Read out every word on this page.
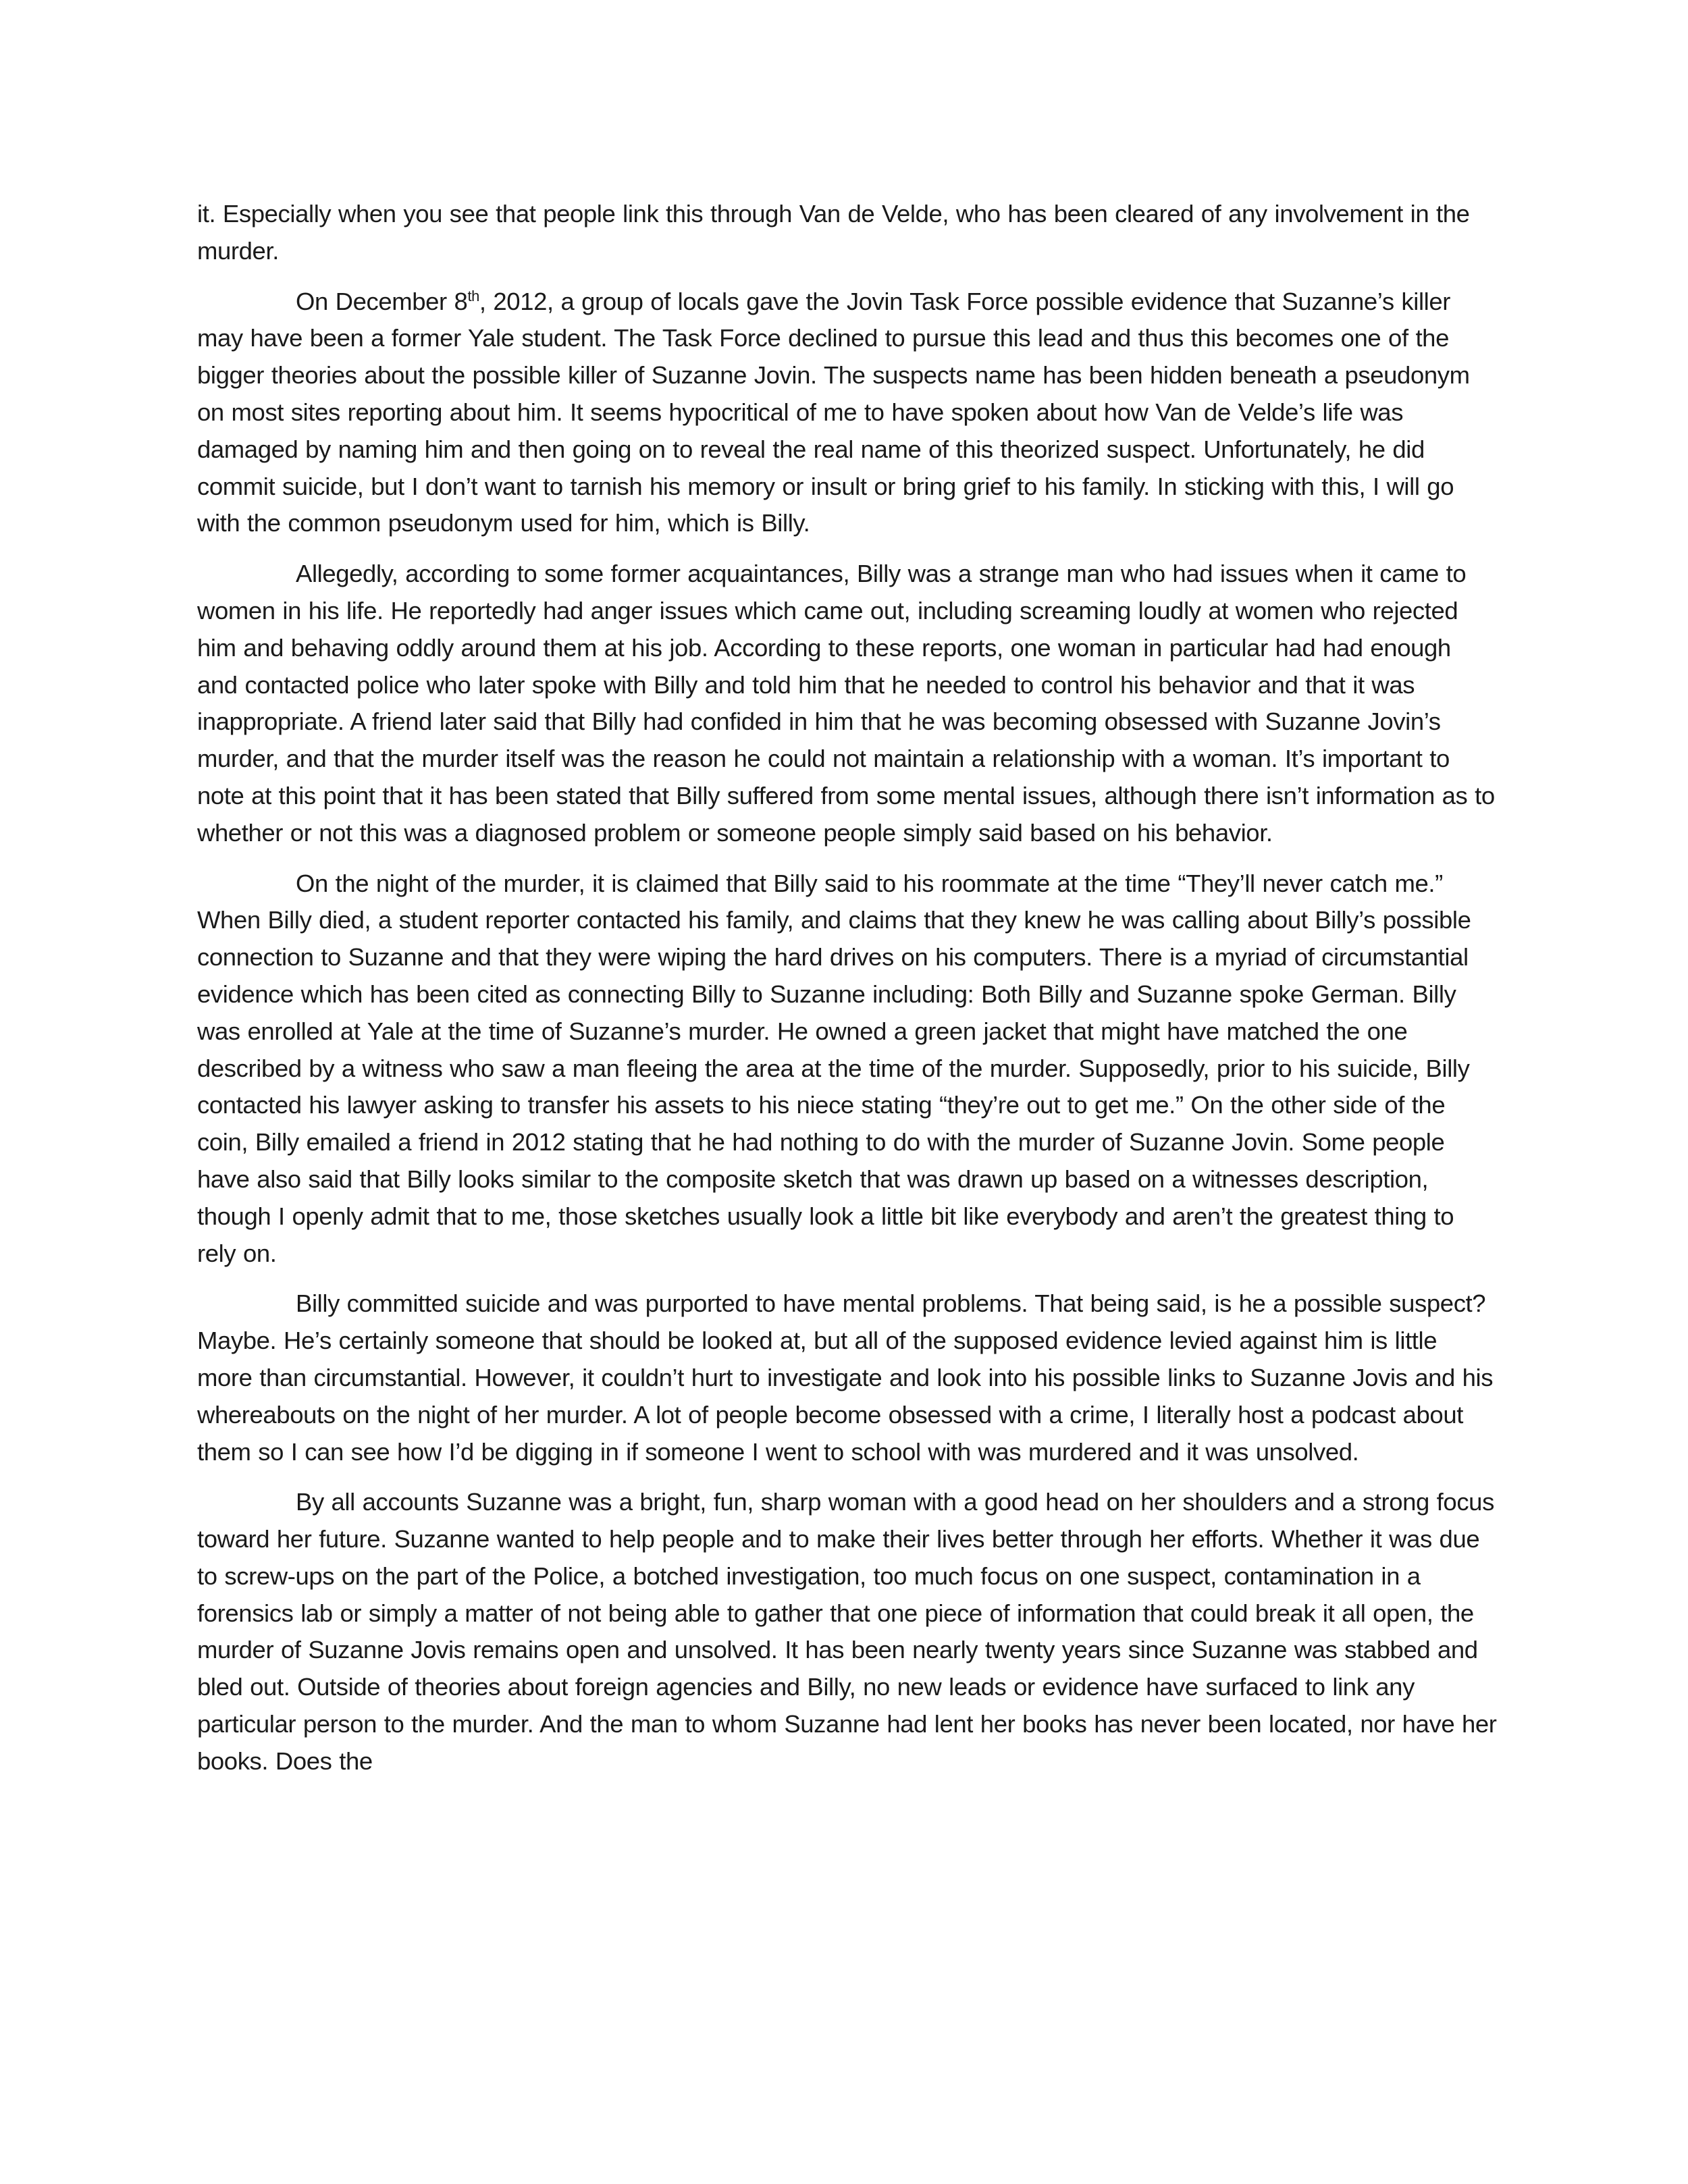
it. Especially when you see that people link this through Van de Velde, who has been cleared of any involvement in the murder.

On December 8th, 2012, a group of locals gave the Jovin Task Force possible evidence that Suzanne’s killer may have been a former Yale student. The Task Force declined to pursue this lead and thus this becomes one of the bigger theories about the possible killer of Suzanne Jovin. The suspects name has been hidden beneath a pseudonym on most sites reporting about him. It seems hypocritical of me to have spoken about how Van de Velde’s life was damaged by naming him and then going on to reveal the real name of this theorized suspect. Unfortunately, he did commit suicide, but I don’t want to tarnish his memory or insult or bring grief to his family. In sticking with this, I will go with the common pseudonym used for him, which is Billy.

Allegedly, according to some former acquaintances, Billy was a strange man who had issues when it came to women in his life. He reportedly had anger issues which came out, including screaming loudly at women who rejected him and behaving oddly around them at his job. According to these reports, one woman in particular had had enough and contacted police who later spoke with Billy and told him that he needed to control his behavior and that it was inappropriate. A friend later said that Billy had confided in him that he was becoming obsessed with Suzanne Jovin’s murder, and that the murder itself was the reason he could not maintain a relationship with a woman. It’s important to note at this point that it has been stated that Billy suffered from some mental issues, although there isn’t information as to whether or not this was a diagnosed problem or someone people simply said based on his behavior.

On the night of the murder, it is claimed that Billy said to his roommate at the time “They’ll never catch me.” When Billy died, a student reporter contacted his family, and claims that they knew he was calling about Billy’s possible connection to Suzanne and that they were wiping the hard drives on his computers. There is a myriad of circumstantial evidence which has been cited as connecting Billy to Suzanne including: Both Billy and Suzanne spoke German. Billy was enrolled at Yale at the time of Suzanne’s murder. He owned a green jacket that might have matched the one described by a witness who saw a man fleeing the area at the time of the murder. Supposedly, prior to his suicide, Billy contacted his lawyer asking to transfer his assets to his niece stating “they’re out to get me.” On the other side of the coin, Billy emailed a friend in 2012 stating that he had nothing to do with the murder of Suzanne Jovin. Some people have also said that Billy looks similar to the composite sketch that was drawn up based on a witnesses description, though I openly admit that to me, those sketches usually look a little bit like everybody and aren’t the greatest thing to rely on.

Billy committed suicide and was purported to have mental problems. That being said, is he a possible suspect? Maybe. He’s certainly someone that should be looked at, but all of the supposed evidence levied against him is little more than circumstantial. However, it couldn’t hurt to investigate and look into his possible links to Suzanne Jovis and his whereabouts on the night of her murder. A lot of people become obsessed with a crime, I literally host a podcast about them so I can see how I’d be digging in if someone I went to school with was murdered and it was unsolved.

By all accounts Suzanne was a bright, fun, sharp woman with a good head on her shoulders and a strong focus toward her future. Suzanne wanted to help people and to make their lives better through her efforts. Whether it was due to screw-ups on the part of the Police, a botched investigation, too much focus on one suspect, contamination in a forensics lab or simply a matter of not being able to gather that one piece of information that could break it all open, the murder of Suzanne Jovis remains open and unsolved. It has been nearly twenty years since Suzanne was stabbed and bled out. Outside of theories about foreign agencies and Billy, no new leads or evidence have surfaced to link any particular person to the murder. And the man to whom Suzanne had lent her books has never been located, nor have her books. Does the
